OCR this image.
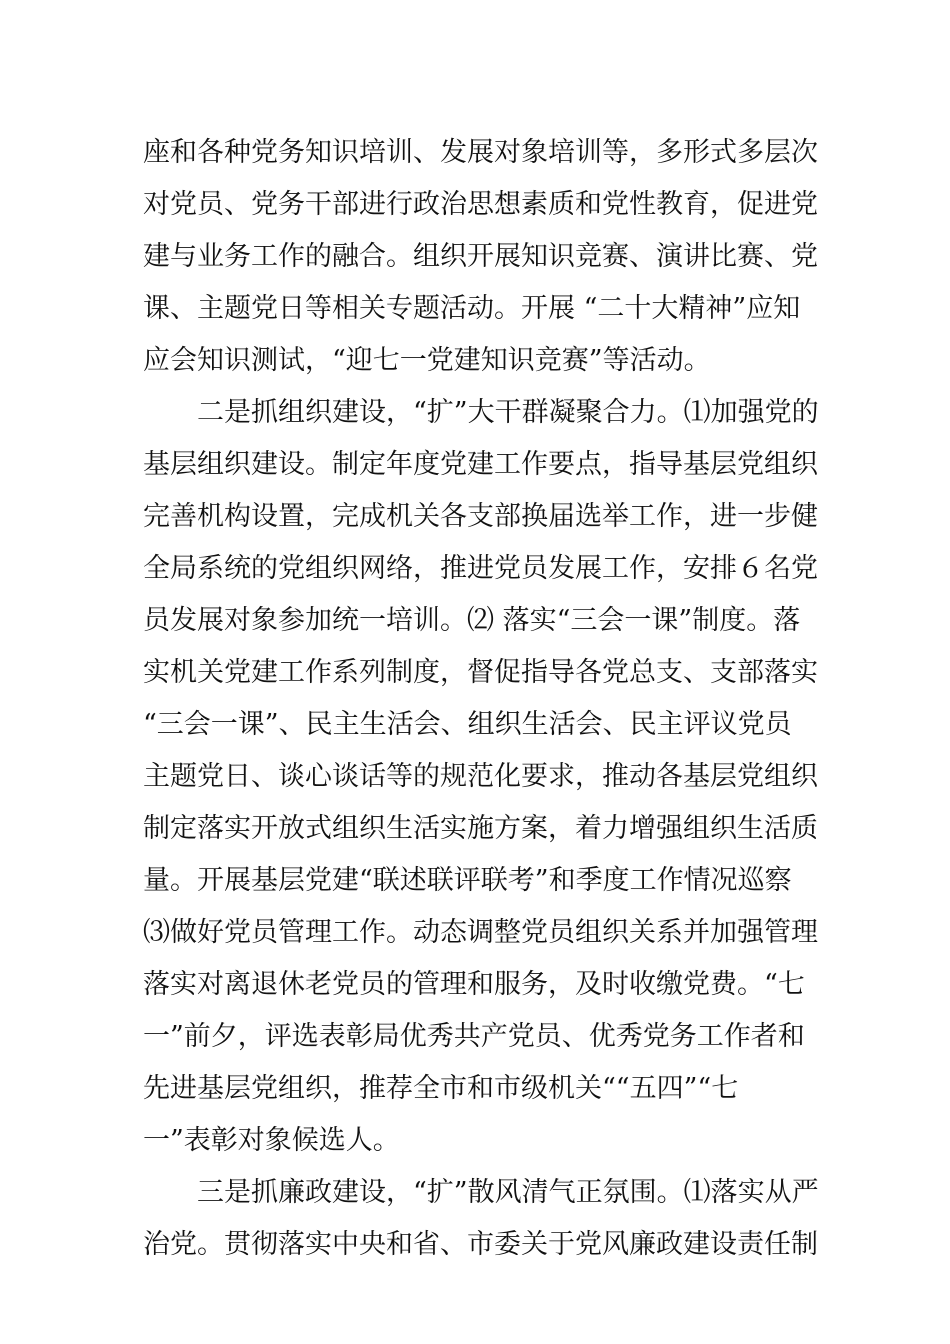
座和各种党务知识培训、发展对象培训等，多形式多层次
对党员、党务干部进行政治思想素质和党性教育，促进党
建与业务工作的融合。组织开展知识竞赛、演讲比赛、党
课、主题党日等相关专题活动。开展 “二十大精神”应知
应会知识测试，“迎七一党建知识竞赛”等活动。
　　二是抓组织建设，“扩”大干群凝聚合力。⑴加强党的
基层组织建设。制定年度党建工作要点，指导基层党组织
完善机构设置，完成机关各支部换届选举工作，进一步健
全局系统的党组织网络，推进党员发展工作，安排６名党
员发展对象参加统一培训。⑵ 落实“三会一课”制度。落
实机关党建工作系列制度，督促指导各党总支、支部落实
“三会一课”、民主生活会、组织生活会、民主评议党员
主题党日、谈心谈话等的规范化要求，推动各基层党组织
制定落实开放式组织生活实施方案，着力增强组织生活质
量。开展基层党建“联述联评联考”和季度工作情况巡察
⑶做好党员管理工作。动态调整党员组织关系并加强管理
落实对离退休老党员的管理和服务，及时收缴党费。“七
一”前夕，评选表彰局优秀共产党员、优秀党务工作者和
先进基层党组织，推荐全市和市级机关““五四”“七
一”表彰对象候选人。
　　三是抓廉政建设，“扩”散风清气正氛围。⑴落实从严
治党。贯彻落实中央和省、市委关于党风廉政建设责任制
